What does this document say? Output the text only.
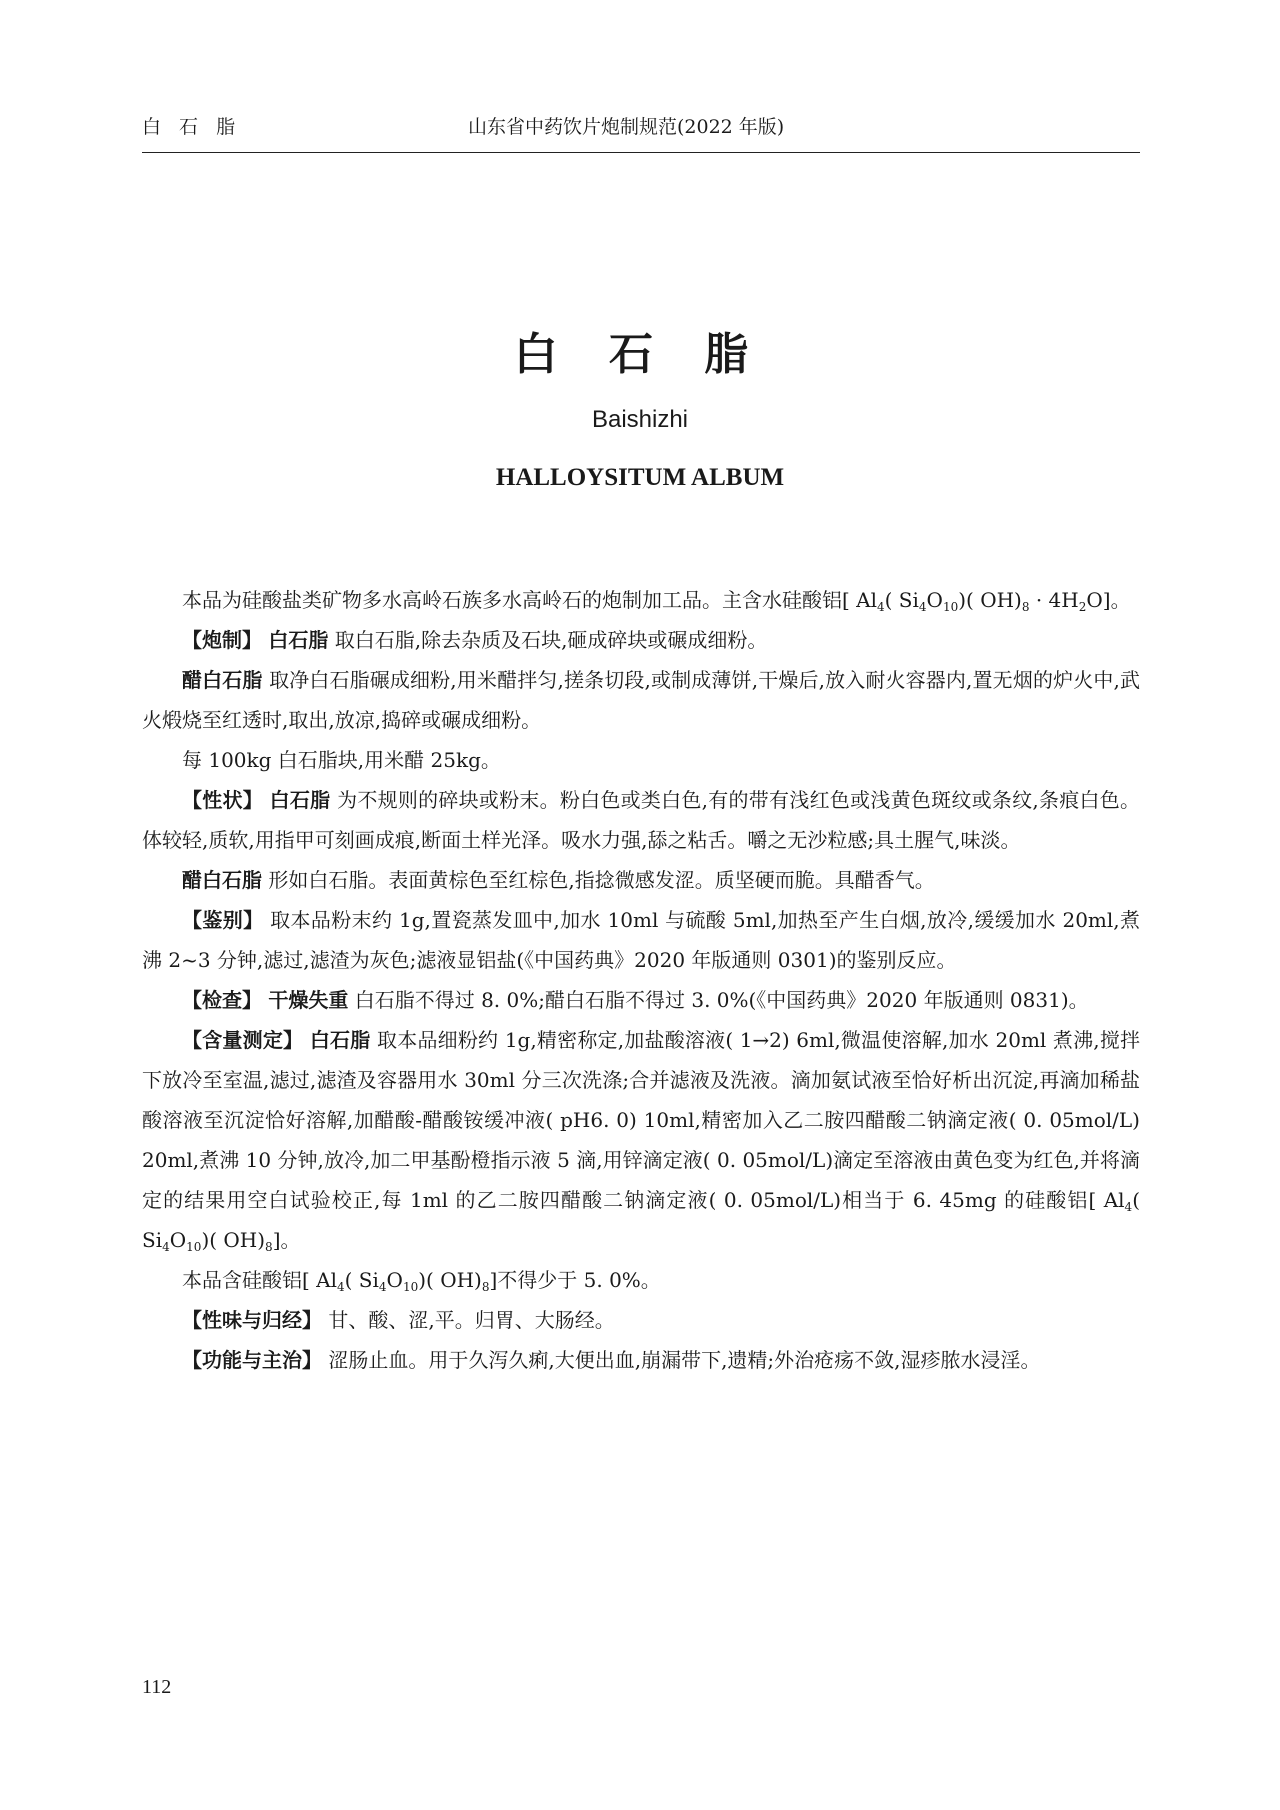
白 石 脂	山东省中药饮片炮制规范(2022 年版)
白 石 脂
Baishizhi
HALLOYSITUM ALBUM

本品为硅酸盐类矿物多水高岭石族多水高岭石的炮制加工品。主含水硅酸铝[ $Al_4$( $Si_4O_{10}$)( $OH)_8 \cdot 4H_2O$]。

【炮制】 白石脂 取白石脂,除去杂质及石块,砸成碎块或碾成细粉。

醋白石脂 取净白石脂碾成细粉,用米醋拌匀,搓条切段,或制成薄饼,干燥后,放入耐火容器内,置无烟的炉火中,武火煅烧至红透时,取出,放凉,捣碎或碾成细粉。

每 100kg 白石脂块,用米醋 25kg。

【性状】 白石脂 为不规则的碎块或粉末。粉白色或类白色,有的带有浅红色或浅黄色斑纹或条纹,条痕白色。体较轻,质软,用指甲可刻画成痕,断面土样光泽。吸水力强,舔之粘舌。嚼之无沙粒感;具土腥气,味淡。

醋白石脂 形如白石脂。表面黄棕色至红棕色,指捻微感发涩。质坚硬而脆。具醋香气。

【鉴别】 取本品粉末约 1g,置瓷蒸发皿中,加水 10ml 与硫酸 5ml,加热至产生白烟,放冷,缓缓加水 20ml,煮沸 2~3 分钟,滤过,滤渣为灰色;滤液显铝盐(《中国药典》2020 年版通则 0301)的鉴别反应。

【检查】 干燥失重 白石脂不得过 8. 0%;醋白石脂不得过 3. 0%(《中国药典》2020 年版通则 0831)。

【含量测定】 白石脂 取本品细粉约 1g,精密称定,加盐酸溶液( 1→2) 6ml,微温使溶解,加水 20ml 煮沸,搅拌下放冷至室温,滤过,滤渣及容器用水 30ml 分三次洗涤;合并滤液及洗液。滴加氨试液至恰好析出沉淀,再滴加稀盐酸溶液至沉淀恰好溶解,加醋酸-醋酸铵缓冲液( pH6. 0) 10ml,精密加入乙二胺四醋酸二钠滴定液( 0. 05mol/L) 20ml,煮沸 10 分钟,放冷,加二甲基酚橙指示液 5 滴,用锌滴定液( 0. 05mol/L)滴定至溶液由黄色变为红色,并将滴定的结果用空白试验校正,每 1ml 的乙二胺四醋酸二钠滴定液( 0. 05mol/L)相当于 6. 45mg 的硅酸铝[ $Al_4$( $Si_4O_{10}$)( $OH)_8$]。

本品含硅酸铝[ $Al_4$( $Si_4O_{10}$)( $OH)_8$]不得少于 5. 0%。

【性味与归经】 甘、酸、涩,平。归胃、大肠经。

【功能与主治】 涩肠止血。用于久泻久痢,大便出血,崩漏带下,遗精;外治疮疡不敛,湿疹脓水浸淫。

112
